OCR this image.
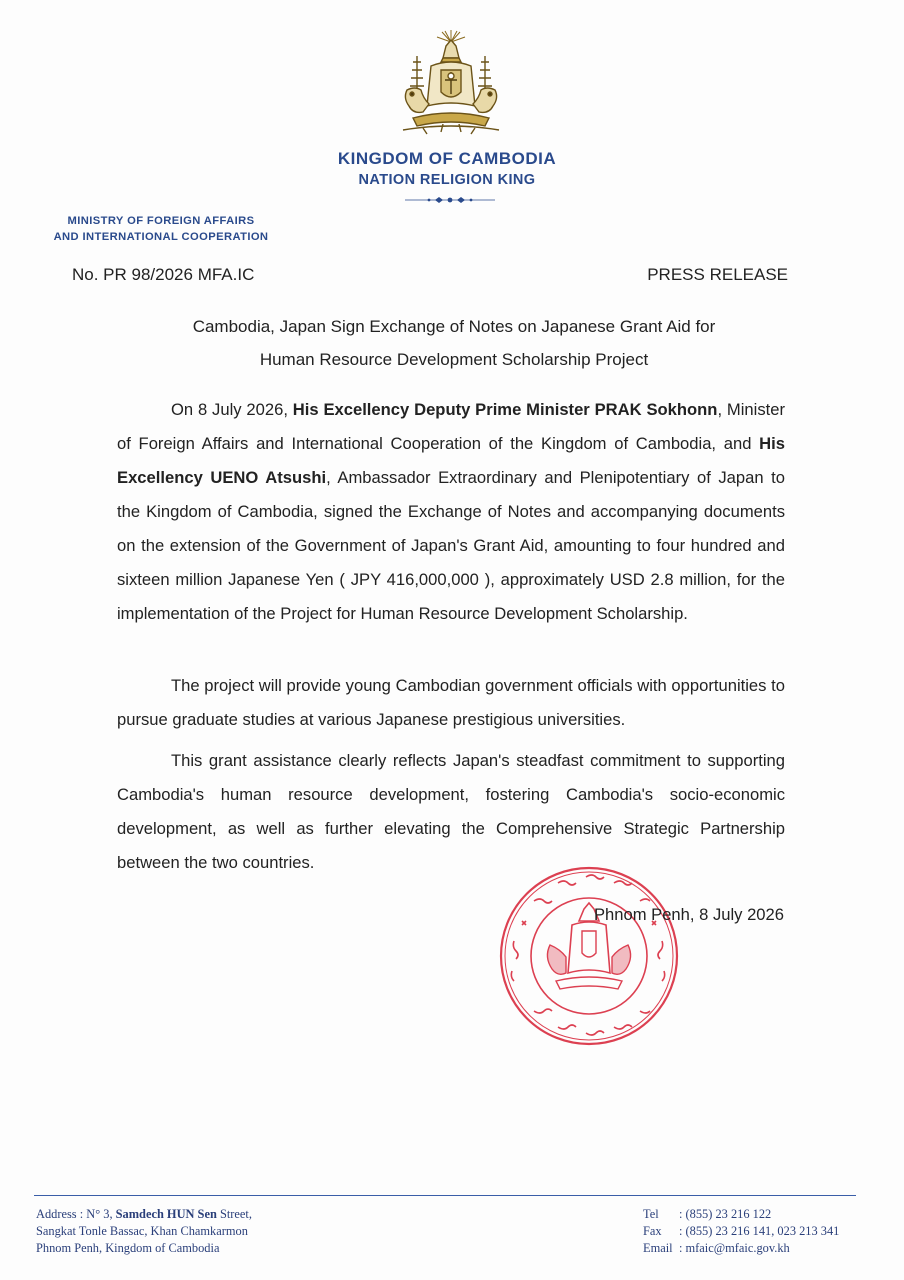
KINGDOM OF CAMBODIA
NATION RELIGION KING
MINISTRY OF FOREIGN AFFAIRS
AND INTERNATIONAL COOPERATION
No. PR 98/2026 MFA.IC	PRESS RELEASE
Cambodia, Japan Sign Exchange of Notes on Japanese Grant Aid for
Human Resource Development Scholarship Project

On 8 July 2026, His Excellency Deputy Prime Minister PRAK Sokhonn, Minister of Foreign Affairs and International Cooperation of the Kingdom of Cambodia, and His Excellency UENO Atsushi, Ambassador Extraordinary and Plenipotentiary of Japan to the Kingdom of Cambodia, signed the Exchange of Notes and accompanying documents on the extension of the Government of Japan's Grant Aid, amounting to four hundred and sixteen million Japanese Yen ( JPY 416,000,000 ), approximately USD 2.8 million, for the implementation of the Project for Human Resource Development Scholarship.

The project will provide young Cambodian government officials with opportunities to pursue graduate studies at various Japanese prestigious universities.

This grant assistance clearly reflects Japan's steadfast commitment to supporting Cambodia's human resource development, fostering Cambodia's socio-economic development, as well as further elevating the Comprehensive Strategic Partnership between the two countries.

Phnom Penh, 8 July 2026
Address : N° 3, Samdech HUN Sen Street,
Sangkat Tonle Bassac, Khan Chamkarmon
Phnom Penh, Kingdom of Cambodia
Tel : (855) 23 216 122
Fax : (855) 23 216 141, 023 213 341
Email : mfaic@mfaic.gov.kh
